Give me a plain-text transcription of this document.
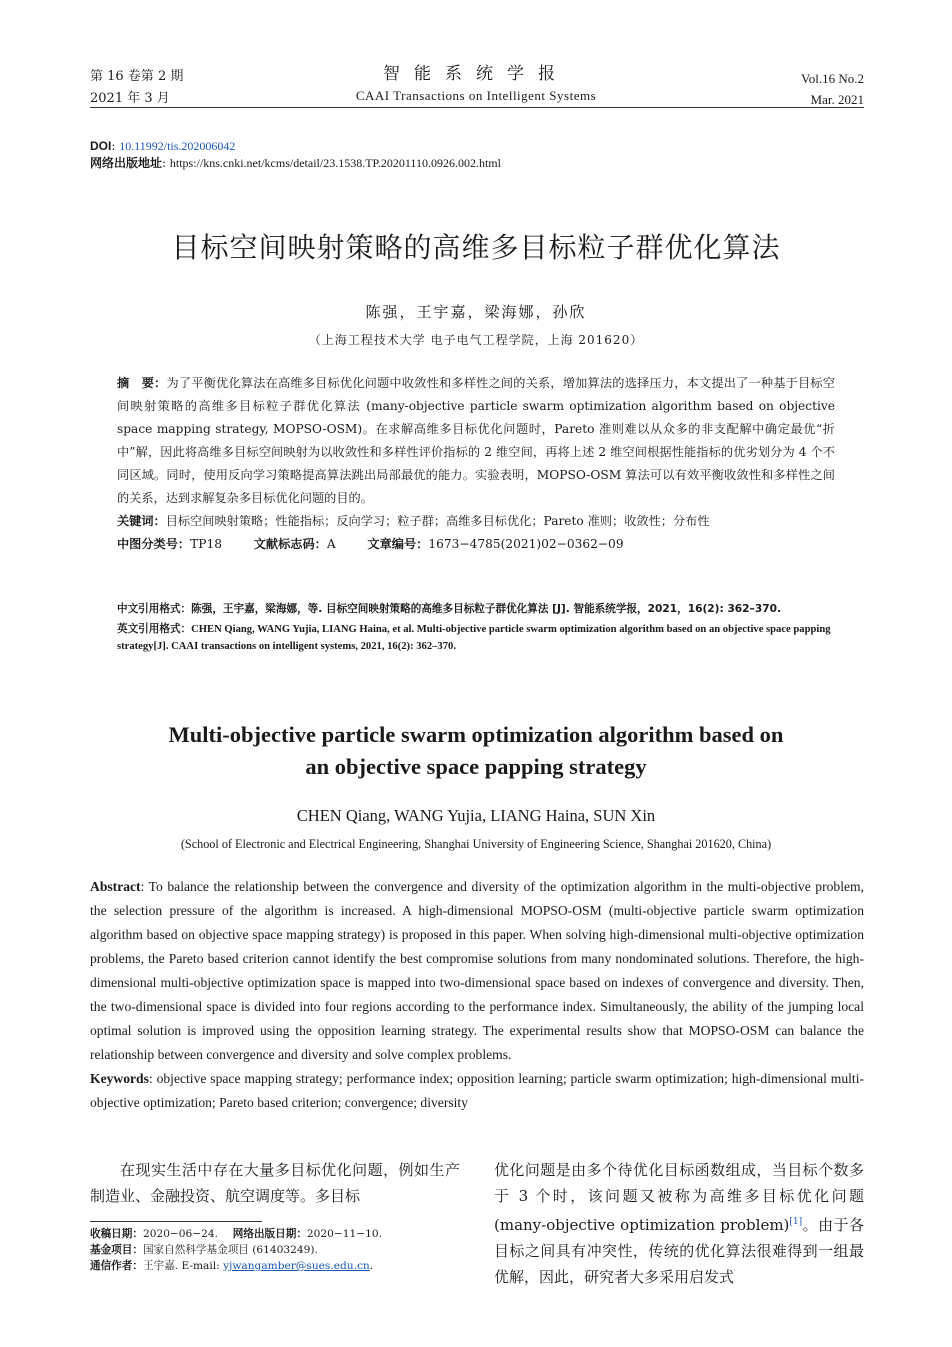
第 16 卷第 2 期
2021 年 3 月
智能系统学报
CAAI Transactions on Intelligent Systems
Vol.16 No.2
Mar. 2021
DOI: 10.11992/tis.202006042
网络出版地址: https://kns.cnki.net/kcms/detail/23.1538.TP.20201110.0926.002.html
目标空间映射策略的高维多目标粒子群优化算法
陈强，王宇嘉，梁海娜，孙欣
（上海工程技术大学 电子电气工程学院，上海 201620）
摘　要：为了平衡优化算法在高维多目标优化问题中收敛性和多样性之间的关系，增加算法的选择压力，本文提出了一种基于目标空间映射策略的高维多目标粒子群优化算法 (many-objective particle swarm optimization algorithm based on objective space mapping strategy, MOPSO-OSM)。在求解高维多目标优化问题时，Pareto 准则难以从众多的非支配解中确定最优“折中”解，因此将高维多目标空间映射为以收敛性和多样性评价指标的 2 维空间，再将上述 2 维空间根据性能指标的优劣划分为 4 个不同区域。同时，使用反向学习策略提高算法跳出局部最优的能力。实验表明，MOPSO-OSM 算法可以有效平衡收敛性和多样性之间的关系，达到求解复杂多目标优化问题的目的。
关键词：目标空间映射策略；性能指标；反向学习；粒子群；高维多目标优化；Pareto 准则；收敛性；分布性
中图分类号：TP18	文献标志码：A	文章编号：1673−4785(2021)02−0362−09

中文引用格式：陈强，王宇嘉，梁海娜，等. 目标空间映射策略的高维多目标粒子群优化算法 [J]. 智能系统学报，2021，16(2): 362–370.

英文引用格式：CHEN Qiang, WANG Yujia, LIANG Haina, et al. Multi-objective particle swarm optimization algorithm based on an objective space papping strategy[J]. CAAI transactions on intelligent systems, 2021, 16(2): 362–370.

Multi-objective particle swarm optimization algorithm based on
an objective space papping strategy
CHEN Qiang, WANG Yujia, LIANG Haina, SUN Xin
(School of Electronic and Electrical Engineering, Shanghai University of Engineering Science, Shanghai 201620, China)

Abstract: To balance the relationship between the convergence and diversity of the optimization algorithm in the multi-objective problem, the selection pressure of the algorithm is increased. A high-dimensional MOPSO-OSM (multi-objective particle swarm optimization algorithm based on objective space mapping strategy) is proposed in this paper. When solving high-dimensional multi-objective optimization problems, the Pareto based criterion cannot identify the best compromise solutions from many nondominated solutions. Therefore, the high-dimensional multi-objective optimization space is mapped into two-dimensional space based on indexes of convergence and diversity. Then, the two-dimensional space is divided into four regions according to the performance index. Simultaneously, the ability of the jumping local optimal solution is improved using the opposition learning strategy. The experimental results show that MOPSO-OSM can balance the relationship between convergence and diversity and solve complex problems.

Keywords: objective space mapping strategy; performance index; opposition learning; particle swarm optimization; high-dimensional multi-objective optimization; Pareto based criterion; convergence; diversity

在现实生活中存在大量多目标优化问题，例如生产制造业、金融投资、航空调度等。多目标

优化问题是由多个待优化目标函数组成，当目标个数多于 3 个时，该问题又被称为高维多目标优化问题 (many-objective optimization problem)[1]。由于各目标之间具有冲突性，传统的优化算法很难得到一组最优解，因此，研究者大多采用启发式

收稿日期：2020−06−24. 网络出版日期：2020−11−10.
基金项目：国家自然科学基金项目 (61403249).
通信作者：王宇嘉. E-mail: yjwangamber@sues.edu.cn.
